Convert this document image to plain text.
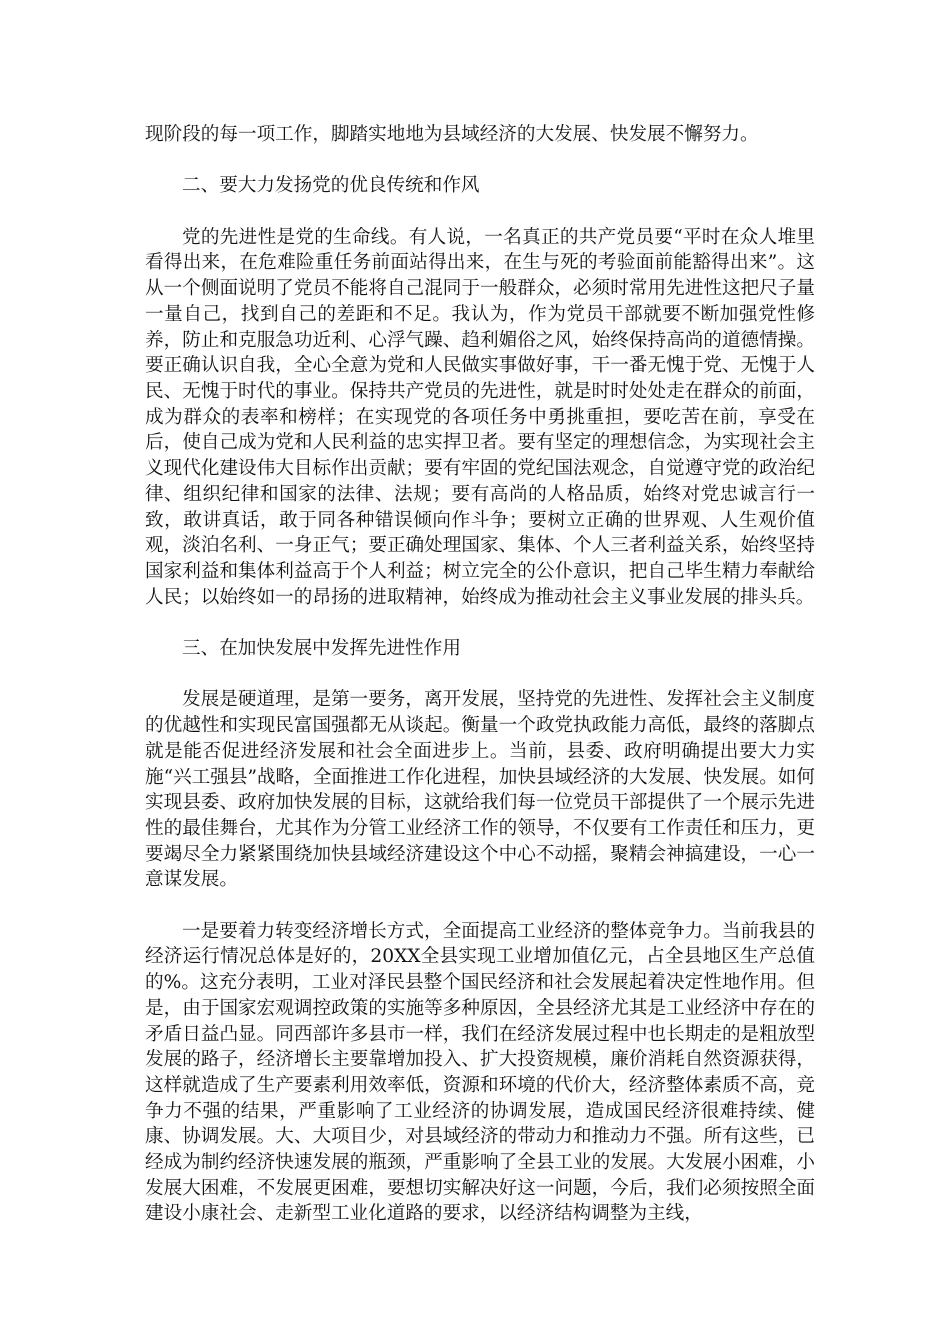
现阶段的每一项工作，脚踏实地地为县域经济的大发展、快发展不懈努力。

二、要大力发扬党的优良传统和作风

党的先进性是党的生命线。有人说，一名真正的共产党员要“平时在众人堆里看得出来，在危难险重任务前面站得出来，在生与死的考验面前能豁得出来”。这从一个侧面说明了党员不能将自己混同于一般群众，必须时常用先进性这把尺子量一量自己，找到自己的差距和不足。我认为，作为党员干部就要不断加强党性修养，防止和克服急功近利、心浮气躁、趋利媚俗之风，始终保持高尚的道德情操。要正确认识自我，全心全意为党和人民做实事做好事，干一番无愧于党、无愧于人民、无愧于时代的事业。保持共产党员的先进性，就是时时处处走在群众的前面，成为群众的表率和榜样；在实现党的各项任务中勇挑重担，要吃苦在前，享受在后，使自己成为党和人民利益的忠实捍卫者。要有坚定的理想信念，为实现社会主义现代化建设伟大目标作出贡献；要有牢固的党纪国法观念，自觉遵守党的政治纪律、组织纪律和国家的法律、法规；要有高尚的人格品质，始终对党忠诚言行一致，敢讲真话，敢于同各种错误倾向作斗争；要树立正确的世界观、人生观价值观，淡泊名利、一身正气；要正确处理国家、集体、个人三者利益关系，始终坚持国家利益和集体利益高于个人利益；树立完全的公仆意识，把自己毕生精力奉献给人民；以始终如一的昂扬的进取精神，始终成为推动社会主义事业发展的排头兵。

三、在加快发展中发挥先进性作用

发展是硬道理，是第一要务，离开发展，坚持党的先进性、发挥社会主义制度的优越性和实现民富国强都无从谈起。衡量一个政党执政能力高低，最终的落脚点就是能否促进经济发展和社会全面进步上。当前，县委、政府明确提出要大力实施“兴工强县”战略，全面推进工作化进程，加快县域经济的大发展、快发展。如何实现县委、政府加快发展的目标，这就给我们每一位党员干部提供了一个展示先进性的最佳舞台，尤其作为分管工业经济工作的领导，不仅要有工作责任和压力，更要竭尽全力紧紧围绕加快县域经济建设这个中心不动摇，聚精会神搞建设，一心一意谋发展。

一是要着力转变经济增长方式，全面提高工业经济的整体竞争力。当前我县的经济运行情况总体是好的，20XX全县实现工业增加值亿元，占全县地区生产总值的%。这充分表明，工业对泽民县整个国民经济和社会发展起着决定性地作用。但是，由于国家宏观调控政策的实施等多种原因，全县经济尤其是工业经济中存在的矛盾日益凸显。同西部许多县市一样，我们在经济发展过程中也长期走的是粗放型发展的路子，经济增长主要靠增加投入、扩大投资规模，廉价消耗自然资源获得，这样就造成了生产要素利用效率低，资源和环境的代价大，经济整体素质不高，竞争力不强的结果，严重影响了工业经济的协调发展，造成国民经济很难持续、健康、协调发展。大、大项目少，对县域经济的带动力和推动力不强。所有这些，已经成为制约经济快速发展的瓶颈，严重影响了全县工业的发展。大发展小困难，小发展大困难，不发展更困难，要想切实解决好这一问题，今后，我们必须按照全面建设小康社会、走新型工业化道路的要求，以经济结构调整为主线，
